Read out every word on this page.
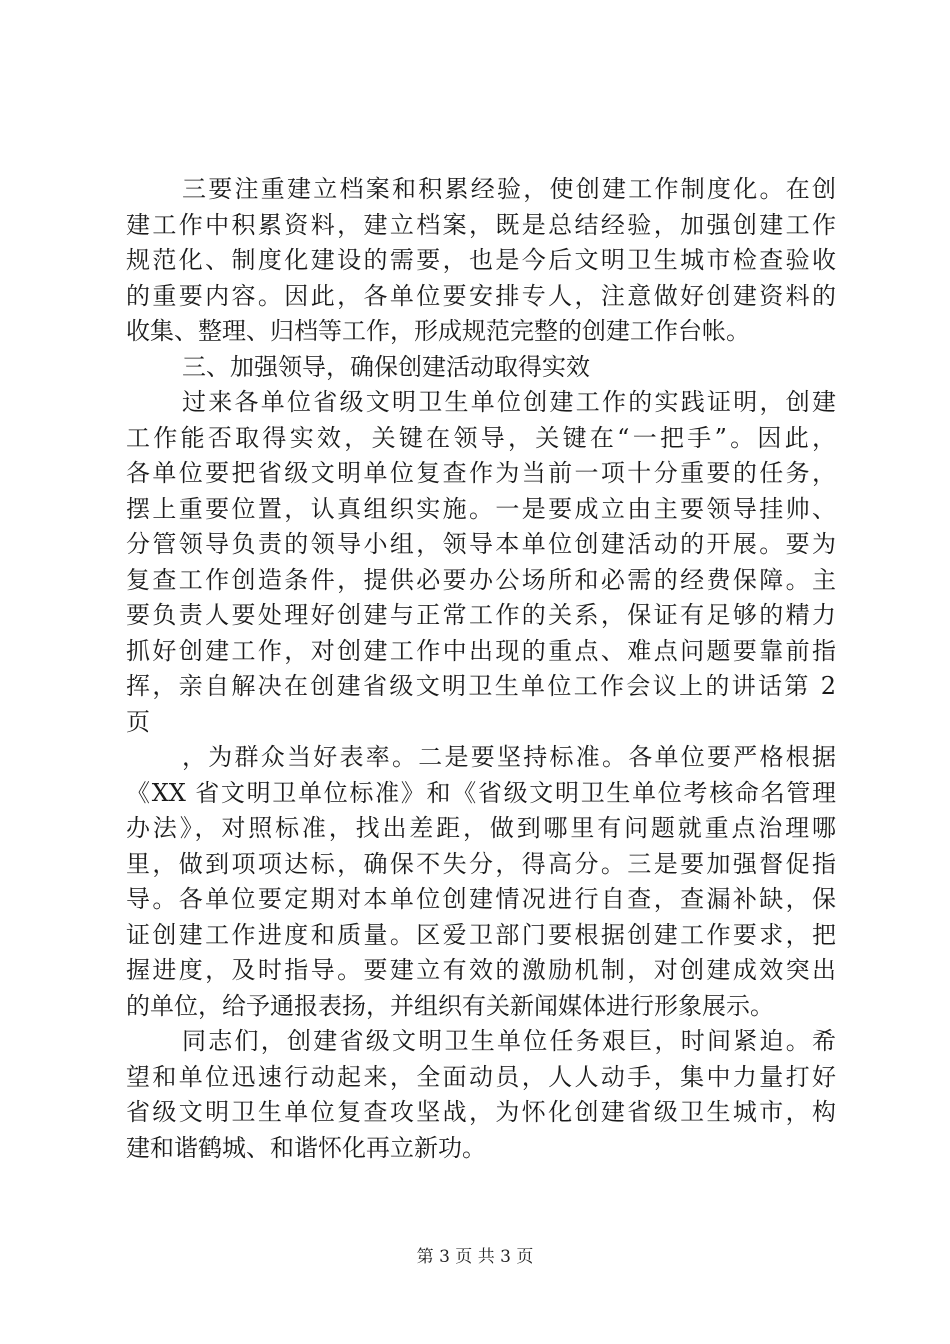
三要注重建立档案和积累经验，使创建工作制度化。在创
建工作中积累资料，建立档案，既是总结经验，加强创建工作
规范化、制度化建设的需要，也是今后文明卫生城市检查验收
的重要内容。因此，各单位要安排专人，注意做好创建资料的
收集、整理、归档等工作，形成规范完整的创建工作台帐。
三、加强领导，确保创建活动取得实效
过来各单位省级文明卫生单位创建工作的实践证明，创建
工作能否取得实效，关键在领导，关键在“一把手”。因此，
各单位要把省级文明单位复查作为当前一项十分重要的任务，
摆上重要位置，认真组织实施。一是要成立由主要领导挂帅、
分管领导负责的领导小组，领导本单位创建活动的开展。要为
复查工作创造条件，提供必要办公场所和必需的经费保障。主
要负责人要处理好创建与正常工作的关系，保证有足够的精力
抓好创建工作，对创建工作中出现的重点、难点问题要靠前指
挥，亲自解决在创建省级文明卫生单位工作会议上的讲话第 2
页
，为群众当好表率。二是要坚持标准。各单位要严格根据
《XX 省文明卫单位标准》和《省级文明卫生单位考核命名管理
办法》，对照标准，找出差距，做到哪里有问题就重点治理哪
里，做到项项达标，确保不失分，得高分。三是要加强督促指
导。各单位要定期对本单位创建情况进行自查，查漏补缺，保
证创建工作进度和质量。区爱卫部门要根据创建工作要求，把
握进度，及时指导。要建立有效的激励机制，对创建成效突出
的单位，给予通报表扬，并组织有关新闻媒体进行形象展示。
同志们，创建省级文明卫生单位任务艰巨，时间紧迫。希
望和单位迅速行动起来，全面动员，人人动手，集中力量打好
省级文明卫生单位复查攻坚战，为怀化创建省级卫生城市，构
建和谐鹤城、和谐怀化再立新功。
第 3 页 共 3 页
